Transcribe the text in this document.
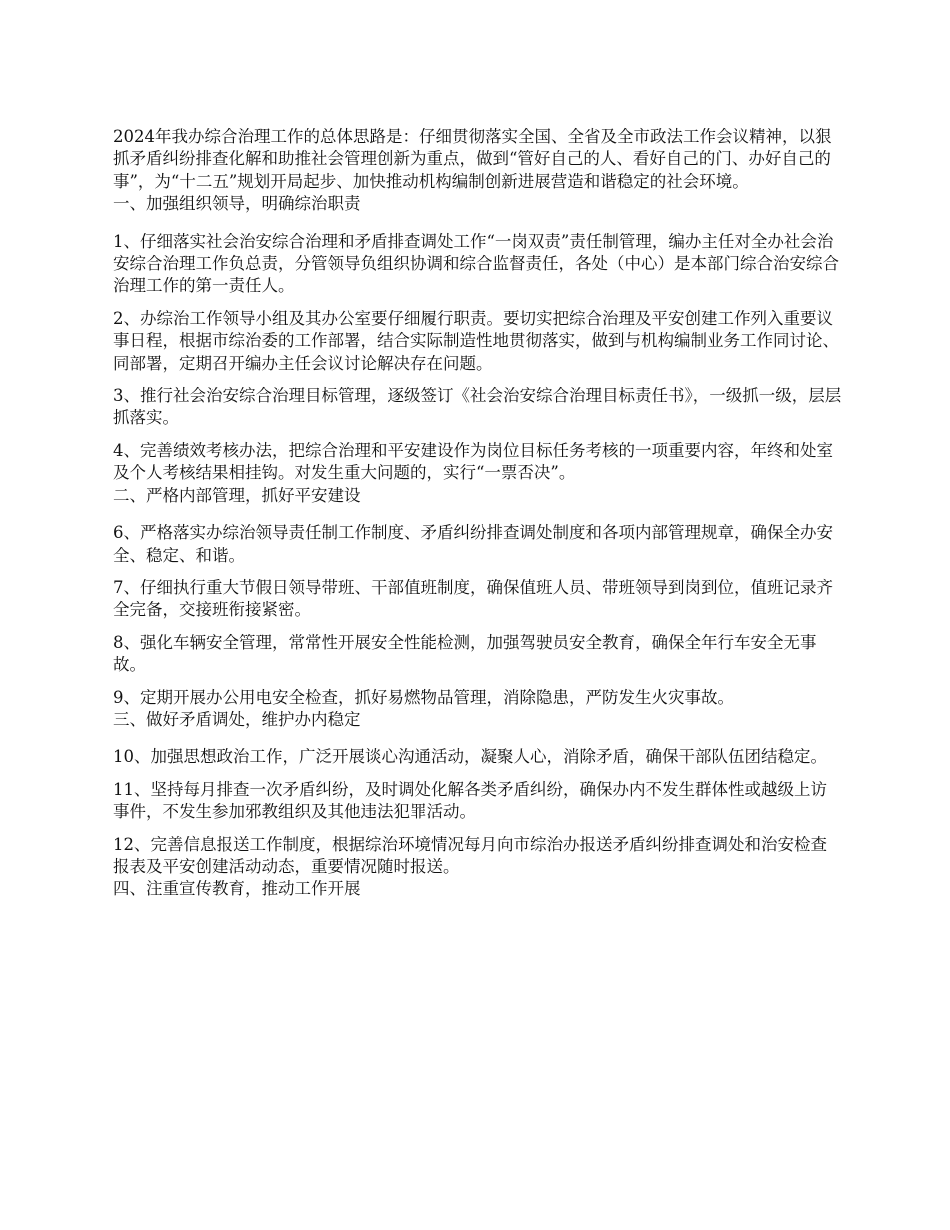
2024年我办综合治理工作的总体思路是：仔细贯彻落实全国、全省及全市政法工作会议精神，以狠抓矛盾纠纷排查化解和助推社会管理创新为重点，做到“管好自己的人、看好自己的门、办好自己的事”，为“十二五”规划开局起步、加快推动机构编制创新进展营造和谐稳定的社会环境。

一、加强组织领导，明确综治职责

1、仔细落实社会治安综合治理和矛盾排查调处工作“一岗双责”责任制管理，编办主任对全办社会治安综合治理工作负总责，分管领导负组织协调和综合监督责任，各处（中心）是本部门综合治安综合治理工作的第一责任人。

2、办综治工作领导小组及其办公室要仔细履行职责。要切实把综合治理及平安创建工作列入重要议事日程，根据市综治委的工作部署，结合实际制造性地贯彻落实，做到与机构编制业务工作同讨论、同部署，定期召开编办主任会议讨论解决存在问题。

3、推行社会治安综合治理目标管理，逐级签订《社会治安综合治理目标责任书》，一级抓一级，层层抓落实。

4、完善绩效考核办法，把综合治理和平安建设作为岗位目标任务考核的一项重要内容，年终和处室及个人考核结果相挂钩。对发生重大问题的，实行“一票否决”。

二、严格内部管理，抓好平安建设

6、严格落实办综治领导责任制工作制度、矛盾纠纷排查调处制度和各项内部管理规章，确保全办安全、稳定、和谐。

7、仔细执行重大节假日领导带班、干部值班制度，确保值班人员、带班领导到岗到位，值班记录齐全完备，交接班衔接紧密。

8、强化车辆安全管理，常常性开展安全性能检测，加强驾驶员安全教育，确保全年行车安全无事故。

9、定期开展办公用电安全检查，抓好易燃物品管理，消除隐患，严防发生火灾事故。

三、做好矛盾调处，维护办内稳定

10、加强思想政治工作，广泛开展谈心沟通活动，凝聚人心，消除矛盾，确保干部队伍团结稳定。

11、坚持每月排查一次矛盾纠纷，及时调处化解各类矛盾纠纷，确保办内不发生群体性或越级上访事件，不发生参加邪教组织及其他违法犯罪活动。

12、完善信息报送工作制度，根据综治环境情况每月向市综治办报送矛盾纠纷排查调处和治安检查报表及平安创建活动动态，重要情况随时报送。

四、注重宣传教育，推动工作开展
